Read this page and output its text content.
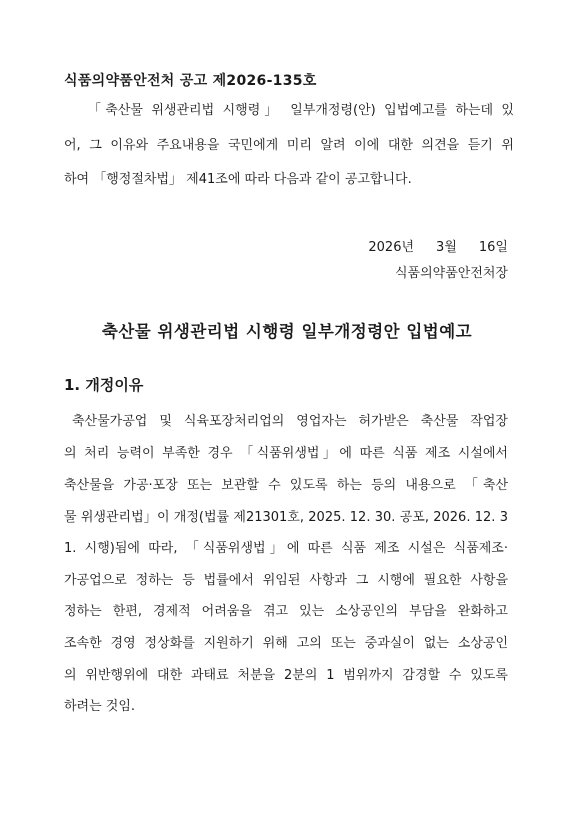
식품의약품안전처 공고 제2026-135호
「축산물 위생관리법 시행령」 일부개정령(안) 입법예고를 하는데 있
어, 그 이유와 주요내용을 국민에게 미리 알려 이에 대한 의견을 듣기 위
하여 「행정절차법」 제41조에 따라 다음과 같이 공고합니다.
2026년 3월 16일
식품의약품안전처장
축산물 위생관리법 시행령 일부개정령안 입법예고
1. 개정이유
축산물가공업 및 식육포장처리업의 영업자는 허가받은 축산물 작업장
의 처리 능력이 부족한 경우 「식품위생법」에 따른 식품 제조 시설에서
축산물을 가공·포장 또는 보관할 수 있도록 하는 등의 내용으로 「축산
물 위생관리법」이 개정(법률 제21301호, 2025. 12. 30. 공포, 2026. 12. 3
1. 시행)됨에 따라, 「식품위생법」에 따른 식품 제조 시설은 식품제조·
가공업으로 정하는 등 법률에서 위임된 사항과 그 시행에 필요한 사항을
정하는 한편, 경제적 어려움을 겪고 있는 소상공인의 부담을 완화하고
조속한 경영 정상화를 지원하기 위해 고의 또는 중과실이 없는 소상공인
의 위반행위에 대한 과태료 처분을 2분의 1 범위까지 감경할 수 있도록
하려는 것임.
